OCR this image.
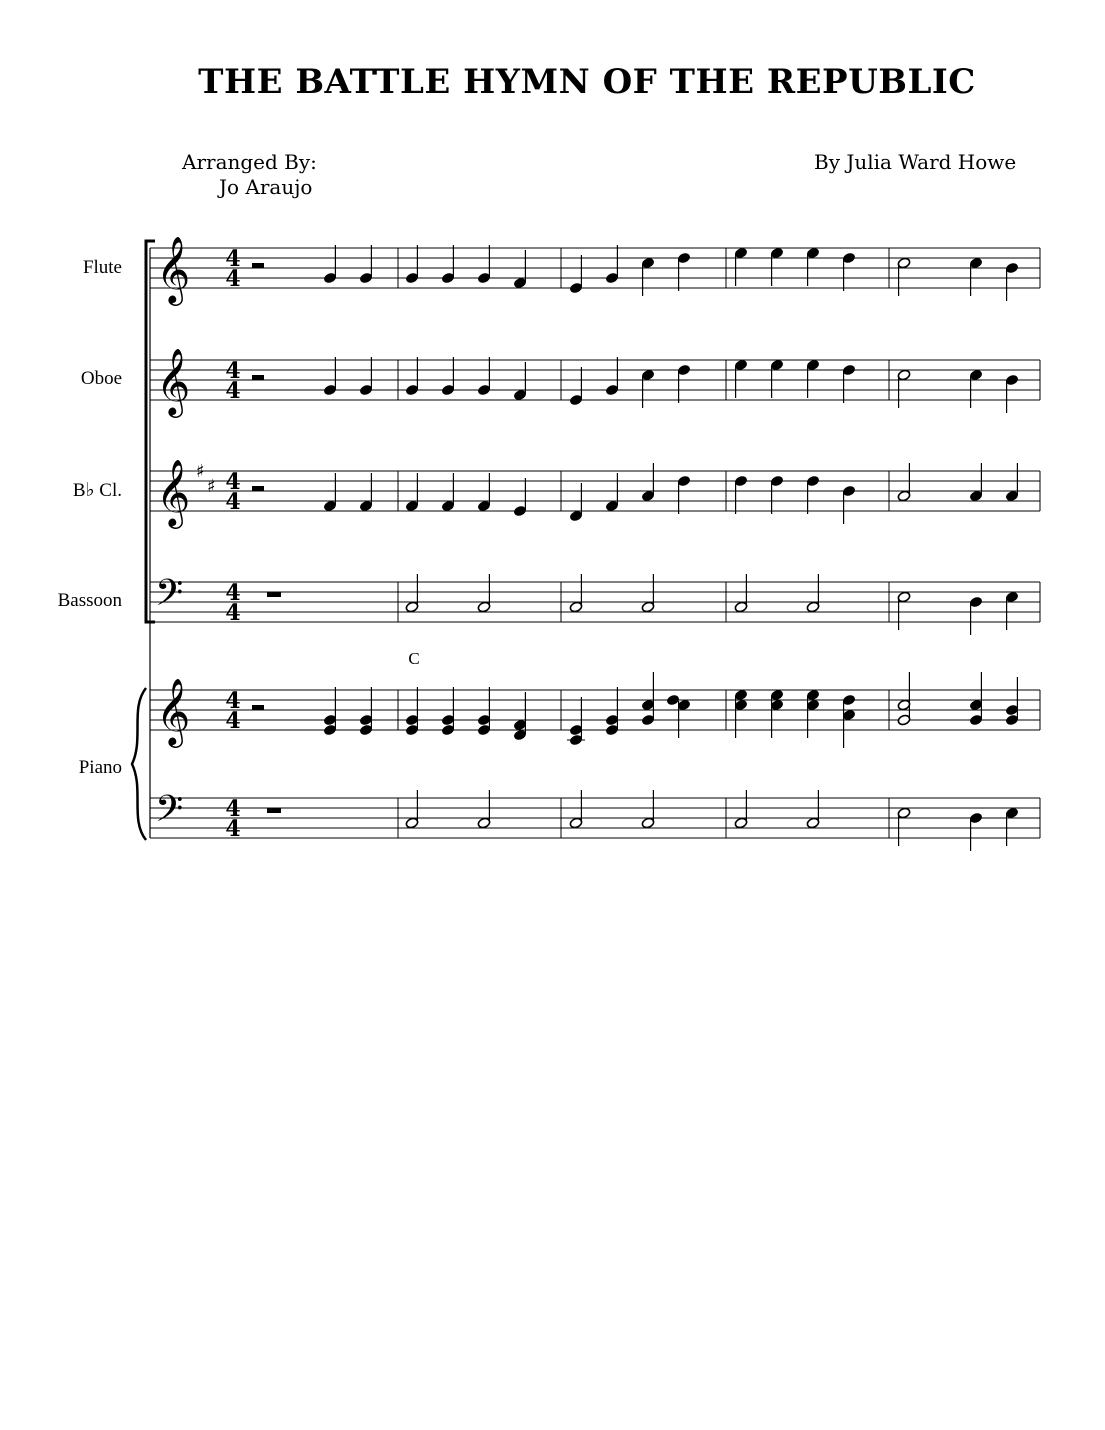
THE BATTLE HYMN OF THE REPUBLIC
Arranged By:
Jo Araujo
By Julia Ward Howe
𝄞 4
4
Flute
𝄞 4
4
Oboe
𝄞 ♯
♯ 4
4
B♭ Cl.
𝄢 4
4
Bassoon
𝄞 4
4
Piano
𝄢 4
4
C
